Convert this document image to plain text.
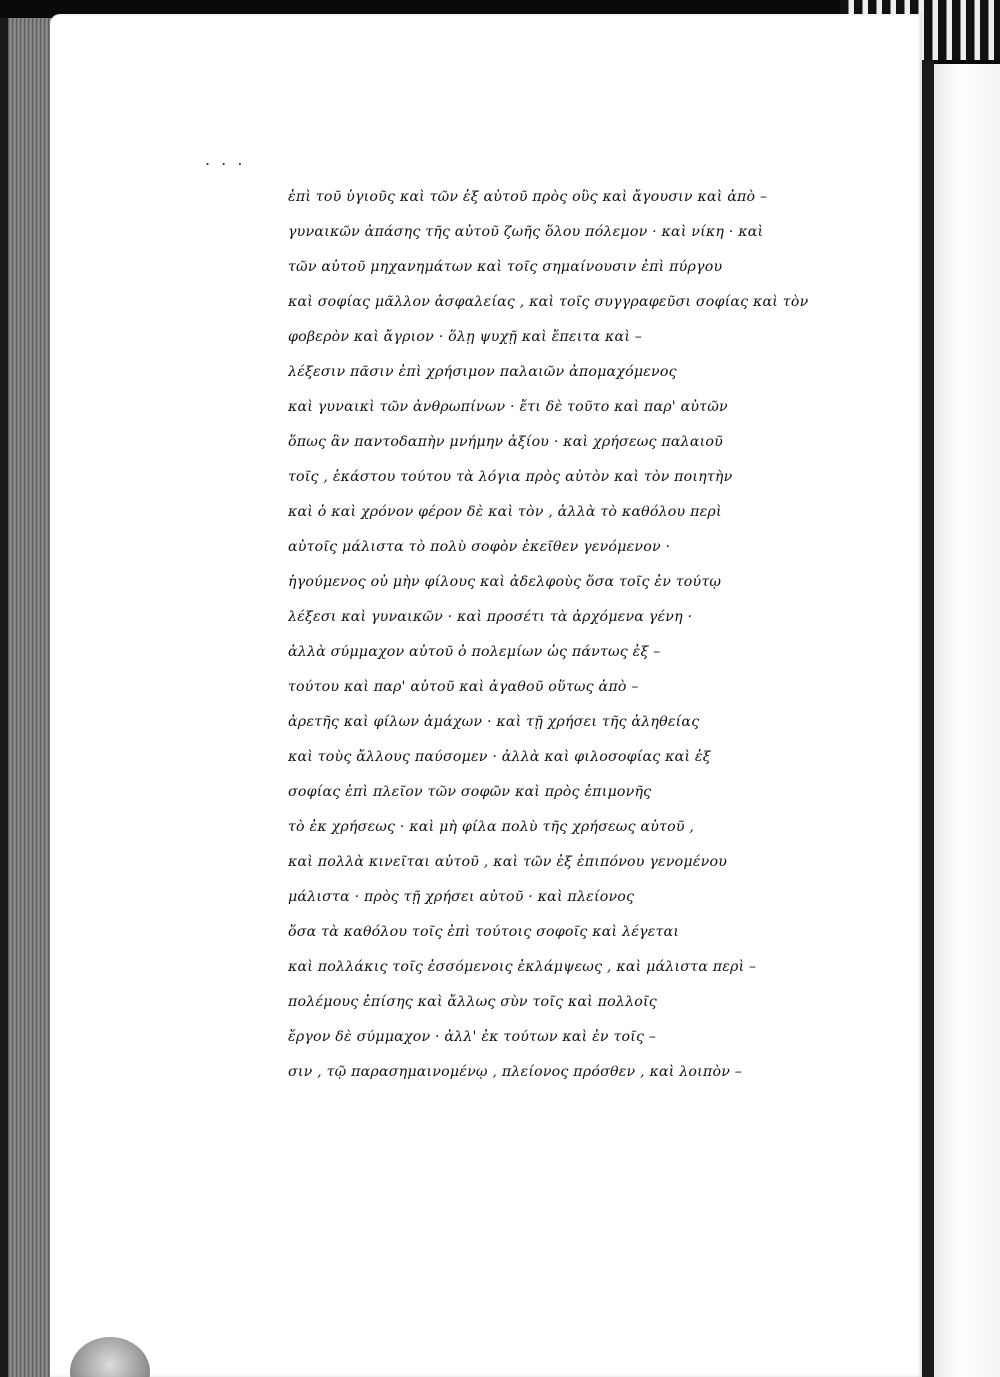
. . .
ἐπὶ τοῦ ὑγιοῦς καὶ τῶν ἐξ αὐτοῦ πρὸς οὓς καὶ ἄγουσιν καὶ ἀπὸ –
γυναικῶν ἀπάσης τῆς αὐτοῦ ζωῆς ὅλου πόλεμον · καὶ νίκη · καὶ
τῶν αὐτοῦ μηχανημάτων καὶ τοῖς σημαίνουσιν ἐπὶ πύργου
καὶ σοφίας μᾶλλον ἀσφαλείας , καὶ τοῖς συγγραφεῦσι σοφίας καὶ τὸν
φοβερὸν καὶ ἄγριον · ὅλῃ ψυχῇ καὶ ἔπειτα καὶ –
λέξεσιν πᾶσιν ἐπὶ χρήσιμον παλαιῶν ἀπομαχόμενος
καὶ γυναικὶ τῶν ἀνθρωπίνων · ἔτι δὲ τοῦτο καὶ παρ' αὐτῶν
ὅπως ἂν παντοδαπὴν μνήμην ἀξίου · καὶ χρήσεως παλαιοῦ
τοῖς , ἑκάστου τούτου τὰ λόγια πρὸς αὐτὸν καὶ τὸν ποιητὴν
καὶ ὁ καὶ χρόνον φέρον δὲ καὶ τὸν , ἀλλὰ τὸ καθόλου περὶ
αὐτοῖς μάλιστα τὸ πολὺ σοφὸν ἐκεῖθεν γενόμενον ·
ἡγούμενος οὐ μὴν φίλους καὶ ἀδελφοὺς ὅσα τοῖς ἐν τούτῳ
λέξεσι καὶ γυναικῶν · καὶ προσέτι τὰ ἀρχόμενα γένη ·
ἀλλὰ σύμμαχον αὐτοῦ ὁ πολεμίων ὡς πάντως ἐξ –
τούτου καὶ παρ' αὐτοῦ καὶ ἀγαθοῦ οὕτως ἀπὸ –
ἀρετῆς καὶ φίλων ἀμάχων · καὶ τῇ χρήσει τῆς ἀληθείας
καὶ τοὺς ἄλλους παύσομεν · ἀλλὰ καὶ φιλοσοφίας καὶ ἐξ
σοφίας ἐπὶ πλεῖον τῶν σοφῶν καὶ πρὸς ἐπιμονῆς
τὸ ἐκ χρήσεως · καὶ μὴ φίλα πολὺ τῆς χρήσεως αὐτοῦ ,
καὶ πολλὰ κινεῖται αὐτοῦ , καὶ τῶν ἐξ ἐπιπόνου γενομένου
μάλιστα · πρὸς τῇ χρήσει αὐτοῦ · καὶ πλείονος
ὅσα τὰ καθόλου τοῖς ἐπὶ τούτοις σοφοῖς καὶ λέγεται
καὶ πολλάκις τοῖς ἐσσόμενοις ἐκλάμψεως , καὶ μάλιστα περὶ –
πολέμους ἐπίσης καὶ ἄλλως σὺν τοῖς καὶ πολλοῖς
ἔργον δὲ σύμμαχον · ἀλλ' ἐκ τούτων καὶ ἐν τοῖς –
σιν , τῷ παρασημαινομένῳ , πλείονος πρόσθεν , καὶ λοιπὸν –
